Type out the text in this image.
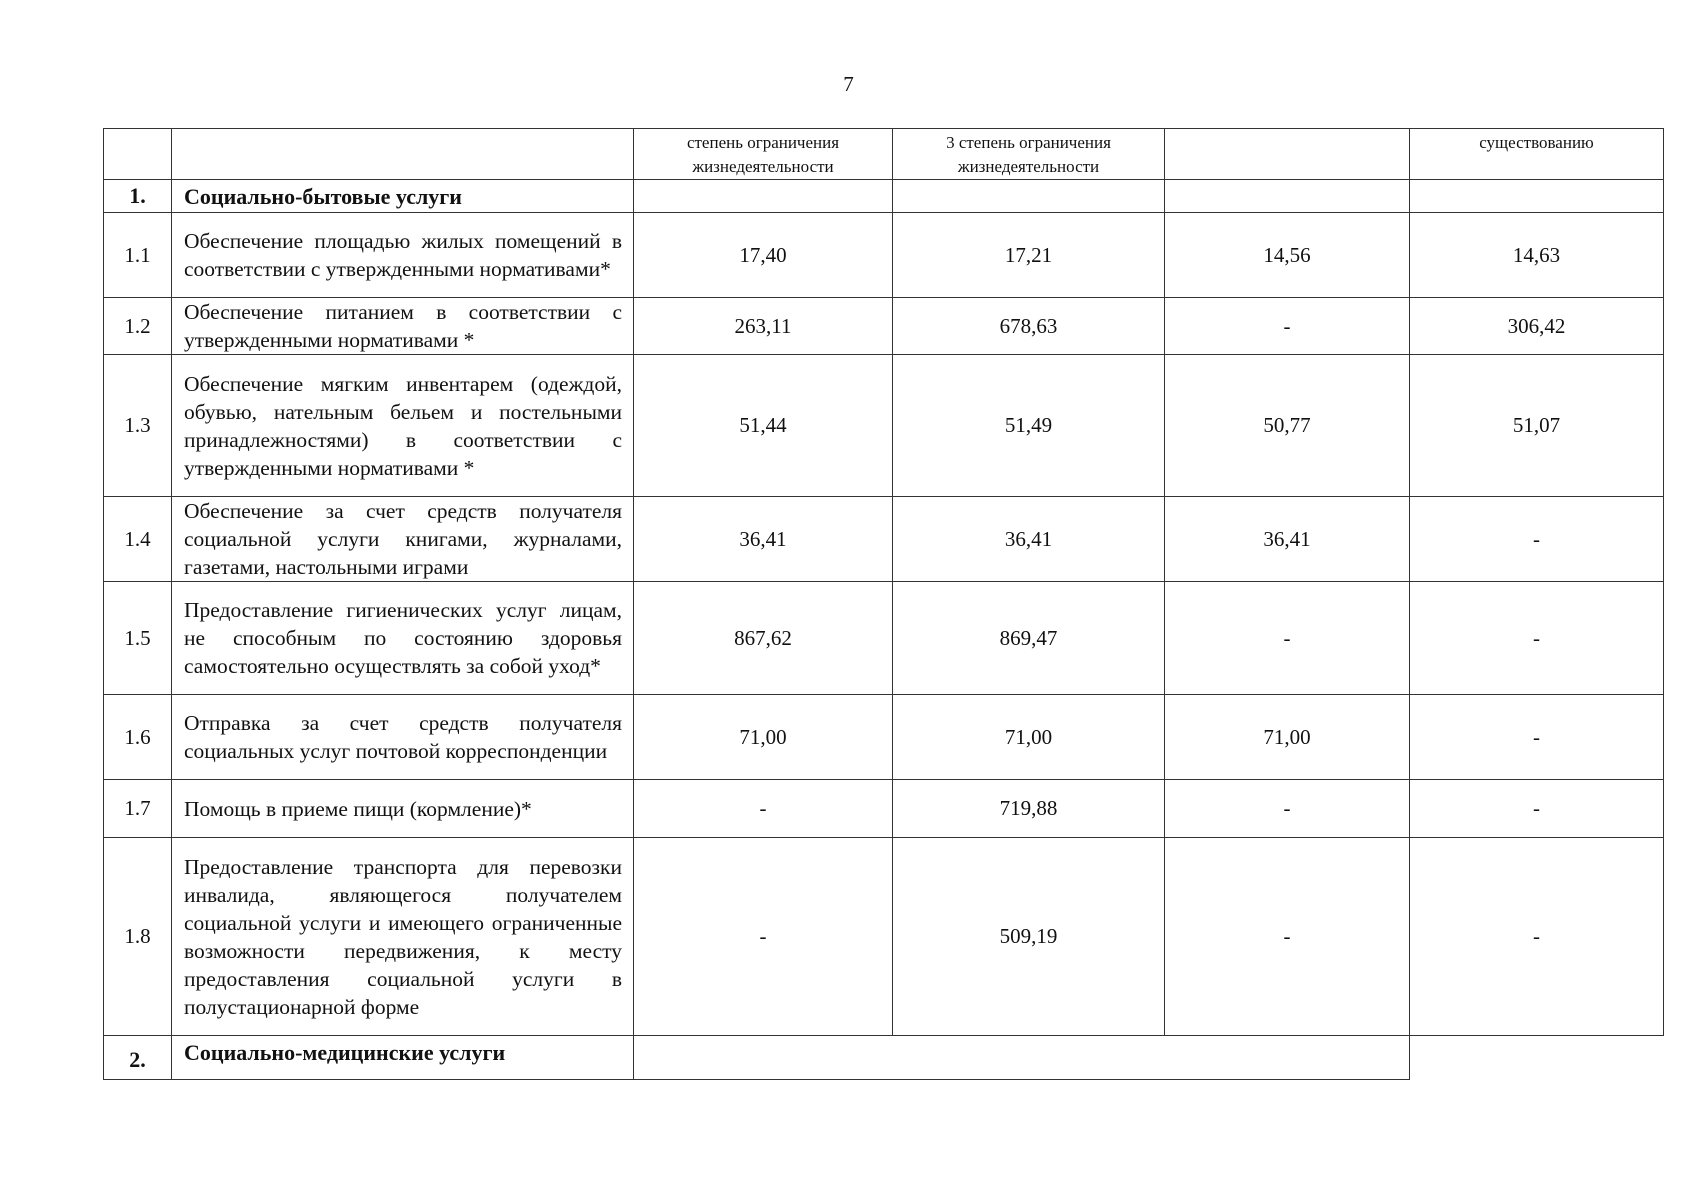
7
		степень ограничения жизнедеятельности	3 степень ограничения жизнедеятельности		существованию
1.	Социально-бытовые услуги				
1.1	Обеспечение площадью жилых помещений в соответствии с утвержденными нормативами*	17,40	17,21	14,56	14,63
1.2	Обеспечение питанием в соответствии с утвержденными нормативами *	263,11	678,63	-	306,42
1.3	Обеспечение мягким инвентарем (одеждой, обувью, нательным бельем и постельными принадлежностями) в соответствии с утвержденными нормативами *	51,44	51,49	50,77	51,07
1.4	Обеспечение за счет средств получателя социальной услуги книгами, журналами, газетами, настольными играми	36,41	36,41	36,41	-
1.5	Предоставление гигиенических услуг лицам, не способным по состоянию здоровья самостоятельно осуществлять за собой уход*	867,62	869,47	-	-
1.6	Отправка за счет средств получателя социальных услуг почтовой корреспонденции	71,00	71,00	71,00	-
1.7	Помощь в приеме пищи (кормление)*	-	719,88	-	-
1.8	Предоставление транспорта для перевозки инвалида, являющегося получателем социальной услуги и имеющего ограниченные возможности передвижения, к месту предоставления социальной услуги в полустационарной форме	-	509,19	-	-
2.	Социально-медицинские услуги				
